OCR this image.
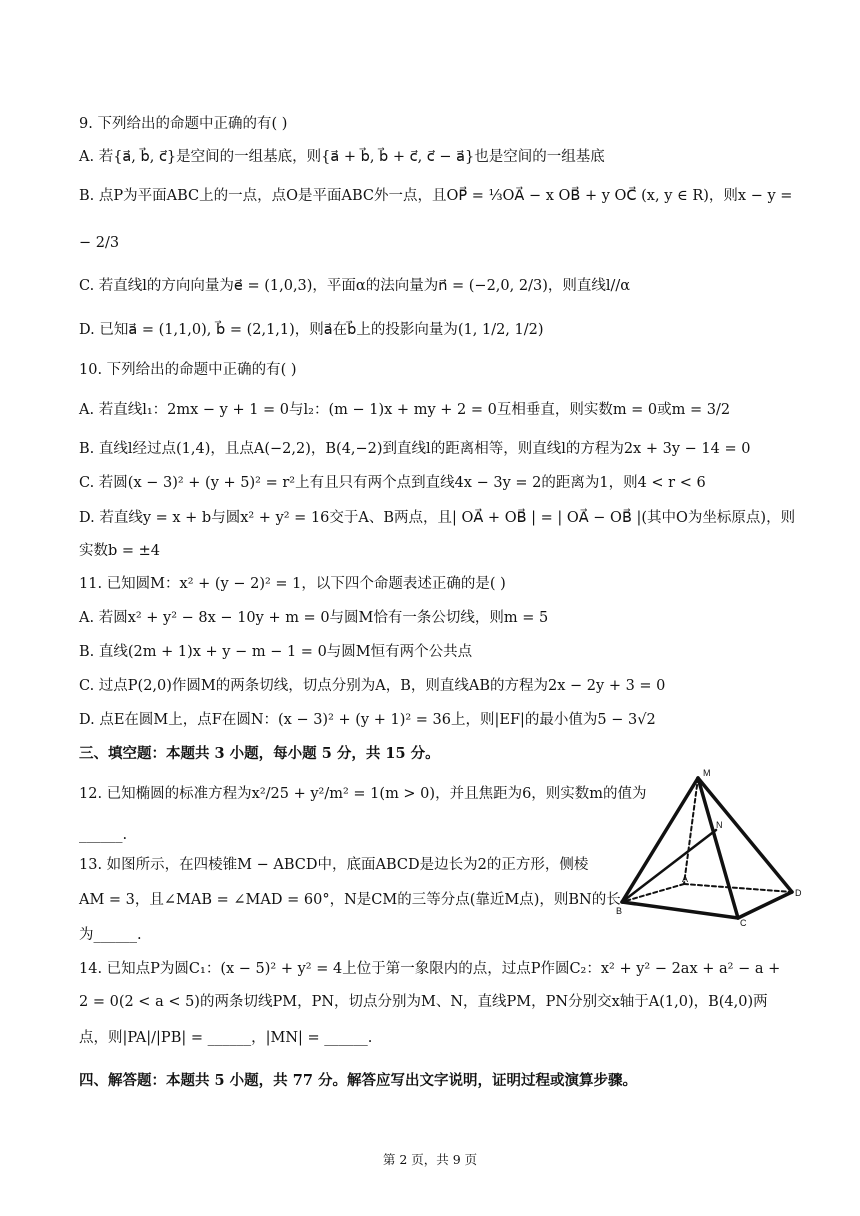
9. 下列给出的命题中正确的有( )
A. 若{a⃗, b⃗, c⃗}是空间的一组基底，则{a⃗ + b⃗, b⃗ + c⃗, c⃗ − a⃗}也是空间的一组基底
B. 点P为平面ABC上的一点，点O是平面ABC外一点，且OP⃗ = ⅓OA⃗ − x OB⃗ + y OC⃗ (x, y ∈ R)，则x − y =
− 2/3
C. 若直线l的方向向量为e⃗ = (1,0,3)，平面α的法向量为n⃗ = (−2,0, 2/3)，则直线l//α
D. 已知a⃗ = (1,1,0), b⃗ = (2,1,1)，则a⃗在b⃗上的投影向量为(1, 1/2, 1/2)
10. 下列给出的命题中正确的有( )
A. 若直线l₁：2mx − y + 1 = 0与l₂：(m − 1)x + my + 2 = 0互相垂直，则实数m = 0或m = 3/2
B. 直线l经过点(1,4)，且点A(−2,2)，B(4,−2)到直线l的距离相等，则直线l的方程为2x + 3y − 14 = 0
C. 若圆(x − 3)² + (y + 5)² = r²上有且只有两个点到直线4x − 3y = 2的距离为1，则4 < r < 6
D. 若直线y = x + b与圆x² + y² = 16交于A、B两点，且| OA⃗ + OB⃗ | = | OA⃗ − OB⃗ |(其中O为坐标原点)，则
实数b = ±4
11. 已知圆M：x² + (y − 2)² = 1，以下四个命题表述正确的是( )
A. 若圆x² + y² − 8x − 10y + m = 0与圆M恰有一条公切线，则m = 5
B. 直线(2m + 1)x + y − m − 1 = 0与圆M恒有两个公共点
C. 过点P(2,0)作圆M的两条切线，切点分别为A，B，则直线AB的方程为2x − 2y + 3 = 0
D. 点E在圆M上，点F在圆N：(x − 3)² + (y + 1)² = 36上，则|EF|的最小值为5 − 3√2
三、填空题：本题共 3 小题，每小题 5 分，共 15 分。
12. 已知椭圆的标准方程为x²/25 + y²/m² = 1(m > 0)，并且焦距为6，则实数m的值为
______.
13. 如图所示，在四棱锥M − ABCD中，底面ABCD是边长为2的正方形，侧棱
AM = 3，且∠MAB = ∠MAD = 60°，N是CM的三等分点(靠近M点)，则BN的长
为______.
14. 已知点P为圆C₁：(x − 5)² + y² = 4上位于第一象限内的点，过点P作圆C₂：x² + y² − 2ax + a² − a +
2 = 0(2 < a < 5)的两条切线PM，PN，切点分别为M、N，直线PM，PN分别交x轴于A(1,0)，B(4,0)两
点，则|PA|/|PB| = ______，|MN| = ______.
四、解答题：本题共 5 小题，共 77 分。解答应写出文字说明，证明过程或演算步骤。
M
N
A
B
C
D
第 2 页，共 9 页
